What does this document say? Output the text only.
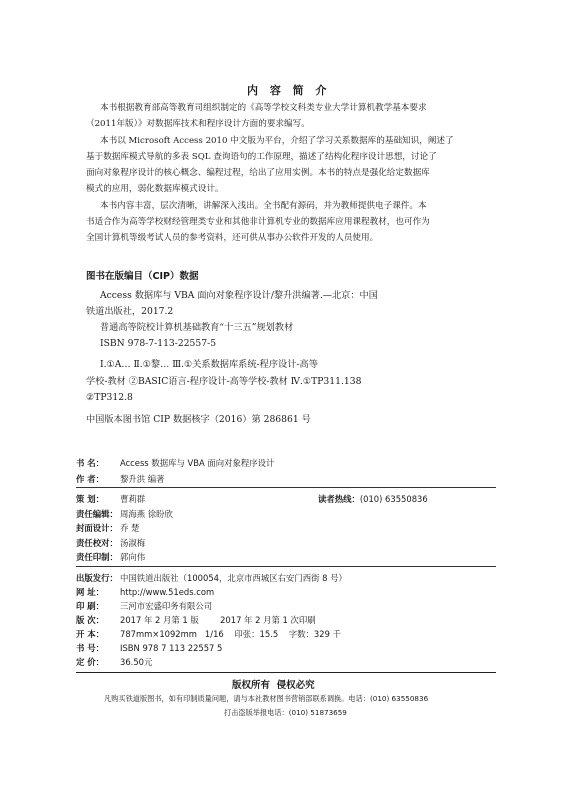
内 容 简 介
本书根据教育部高等教育司组织制定的《高等学校文科类专业大学计算机教学基本要求
（2011年版）》对数据库技术和程序设计方面的要求编写。
本书以 Microsoft Access 2010 中文版为平台，介绍了学习关系数据库的基础知识，阐述了
基于数据库模式导航的多表 SQL 查询语句的工作原理，描述了结构化程序设计思想，讨论了
面向对象程序设计的核心概念、编程过程，给出了应用实例。本书的特点是强化给定数据库
模式的应用，弱化数据库模式设计。
本书内容丰富，层次清晰，讲解深入浅出。全书配有源码，并为教师提供电子课件。本
书适合作为高等学校财经管理类专业和其他非计算机专业的数据库应用课程教材，也可作为
全国计算机等级考试人员的参考资料，还可供从事办公软件开发的人员使用。
图书在版编目（CIP）数据
Access 数据库与 VBA 面向对象程序设计/黎升洪编著.—北京：中国
铁道出版社，2017.2
普通高等院校计算机基础教育“十三五”规划教材
ISBN 978-7-113-22557-5
Ⅰ.①A… Ⅱ.①黎… Ⅲ.①关系数据库系统-程序设计-高等
学校-教材 ②BASIC语言-程序设计-高等学校-教材 Ⅳ.①TP311.138
②TP312.8
中国版本图书馆 CIP 数据核字（2016）第 286861 号
书 名： Access 数据库与 VBA 面向对象程序设计
作 者： 黎升洪 编著
策 划： 曹莉群	读者热线：(010) 63550836
责任编辑： 周海燕 徐盼欣
封面设计： 乔 楚
责任校对： 汤淑梅
责任印制： 郭向伟
出版发行： 中国铁道出版社（100054，北京市西城区右安门西街 8 号）
网 址： http://www.51eds.com
印 刷： 三河市宏盛印务有限公司
版 次： 2017 年 2 月第 1 版        2017 年 2 月第 1 次印刷
开 本： 787mm×1092mm   1/16    印张：15.5    字数：329 千
书 号： ISBN 978 7 113 22557 5
定 价： 36.50元
版权所有  侵权必究
凡购买铁道版图书，如有印制质量问题，请与本社教材图书营销部联系调换。电话：(010) 63550836
打击盗版举报电话：(010) 51873659
